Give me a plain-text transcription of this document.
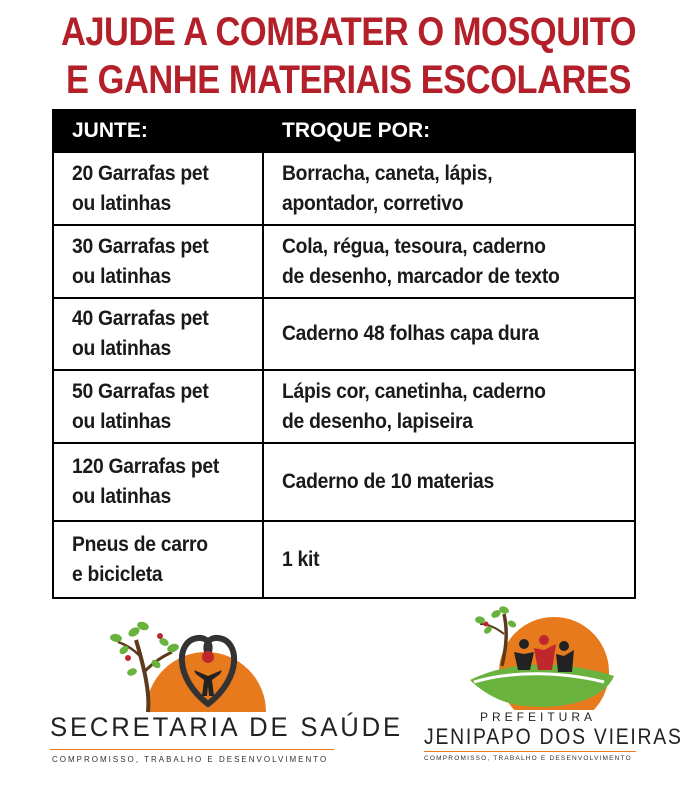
AJUDE A COMBATER O MOSQUITO
E GANHE MATERIAIS ESCOLARES
JUNTE:	TROQUE POR:

20 Garrafas pet
ou latinhas	Borracha, caneta, lápis,
apontador, corretivo

30 Garrafas pet
ou latinhas	Cola, régua, tesoura, caderno
de desenho, marcador de texto

40 Garrafas pet
ou latinhas	Caderno 48 folhas capa dura

50 Garrafas pet
ou latinhas	Lápis cor, canetinha, caderno
de desenho, lapiseira

120 Garrafas pet
ou latinhas	Caderno de 10 materias

Pneus de carro
e bicicleta	1 kit
SECRETARIA DE SAÚDE
COMPROMISSO, TRABALHO E DESENVOLVIMENTO
PREFEITURA
JENIPAPO DOS VIEIRAS
COMPROMISSO, TRABALHO E DESENVOLVIMENTO
